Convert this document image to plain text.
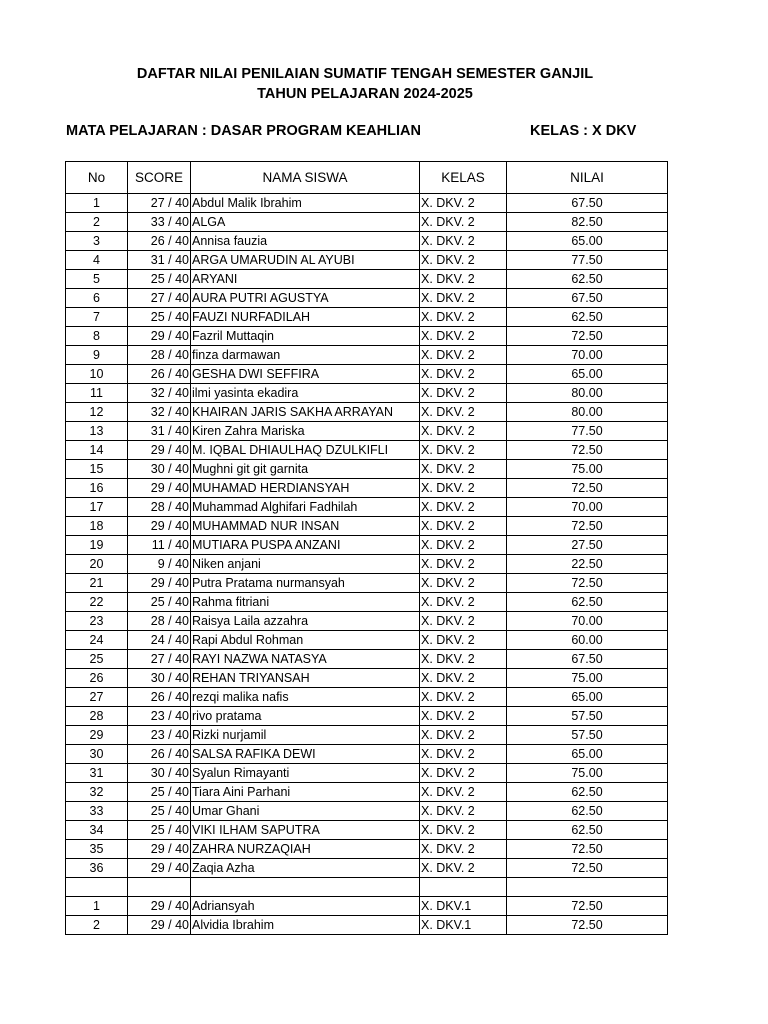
DAFTAR NILAI PENILAIAN SUMATIF TENGAH SEMESTER GANJIL
TAHUN PELAJARAN 2024-2025
MATA PELAJARAN : DASAR PROGRAM KEAHLIAN	KELAS : X DKV
No	SCORE	NAMA SISWA	KELAS	NILAI
1	27 / 40	Abdul Malik Ibrahim	X. DKV. 2	67.50
2	33 / 40	ALGA	X. DKV. 2	82.50
3	26 / 40	Annisa fauzia	X. DKV. 2	65.00
4	31 / 40	ARGA UMARUDIN AL AYUBI	X. DKV. 2	77.50
5	25 / 40	ARYANI	X. DKV. 2	62.50
6	27 / 40	AURA PUTRI AGUSTYA	X. DKV. 2	67.50
7	25 / 40	FAUZI NURFADILAH	X. DKV. 2	62.50
8	29 / 40	Fazril Muttaqin	X. DKV. 2	72.50
9	28 / 40	finza darmawan	X. DKV. 2	70.00
10	26 / 40	GESHA DWI SEFFIRA	X. DKV. 2	65.00
11	32 / 40	ilmi yasinta ekadira	X. DKV. 2	80.00
12	32 / 40	KHAIRAN JARIS SAKHA ARRAYAN	X. DKV. 2	80.00
13	31 / 40	Kiren Zahra Mariska	X. DKV. 2	77.50
14	29 / 40	M. IQBAL DHIAULHAQ DZULKIFLI	X. DKV. 2	72.50
15	30 / 40	Mughni git git garnita	X. DKV. 2	75.00
16	29 / 40	MUHAMAD HERDIANSYAH	X. DKV. 2	72.50
17	28 / 40	Muhammad Alghifari Fadhilah	X. DKV. 2	70.00
18	29 / 40	MUHAMMAD NUR INSAN	X. DKV. 2	72.50
19	11 / 40	MUTIARA PUSPA ANZANI	X. DKV. 2	27.50
20	9 / 40	Niken anjani	X. DKV. 2	22.50
21	29 / 40	Putra Pratama nurmansyah	X. DKV. 2	72.50
22	25 / 40	Rahma fitriani	X. DKV. 2	62.50
23	28 / 40	Raisya Laila azzahra	X. DKV. 2	70.00
24	24 / 40	Rapi Abdul Rohman	X. DKV. 2	60.00
25	27 / 40	RAYI NAZWA NATASYA	X. DKV. 2	67.50
26	30 / 40	REHAN TRIYANSAH	X. DKV. 2	75.00
27	26 / 40	rezqi malika nafis	X. DKV. 2	65.00
28	23 / 40	rivo pratama	X. DKV. 2	57.50
29	23 / 40	Rizki nurjamil	X. DKV. 2	57.50
30	26 / 40	SALSA RAFIKA DEWI	X. DKV. 2	65.00
31	30 / 40	Syalun Rimayanti	X. DKV. 2	75.00
32	25 / 40	Tiara Aini Parhani	X. DKV. 2	62.50
33	25 / 40	Umar Ghani	X. DKV. 2	62.50
34	25 / 40	VIKI ILHAM SAPUTRA	X. DKV. 2	62.50
35	29 / 40	ZAHRA NURZAQIAH	X. DKV. 2	72.50
36	29 / 40	Zaqia Azha	X. DKV. 2	72.50

1	29 / 40	Adriansyah	X. DKV.1	72.50
2	29 / 40	Alvidia Ibrahim	X. DKV.1	72.50
